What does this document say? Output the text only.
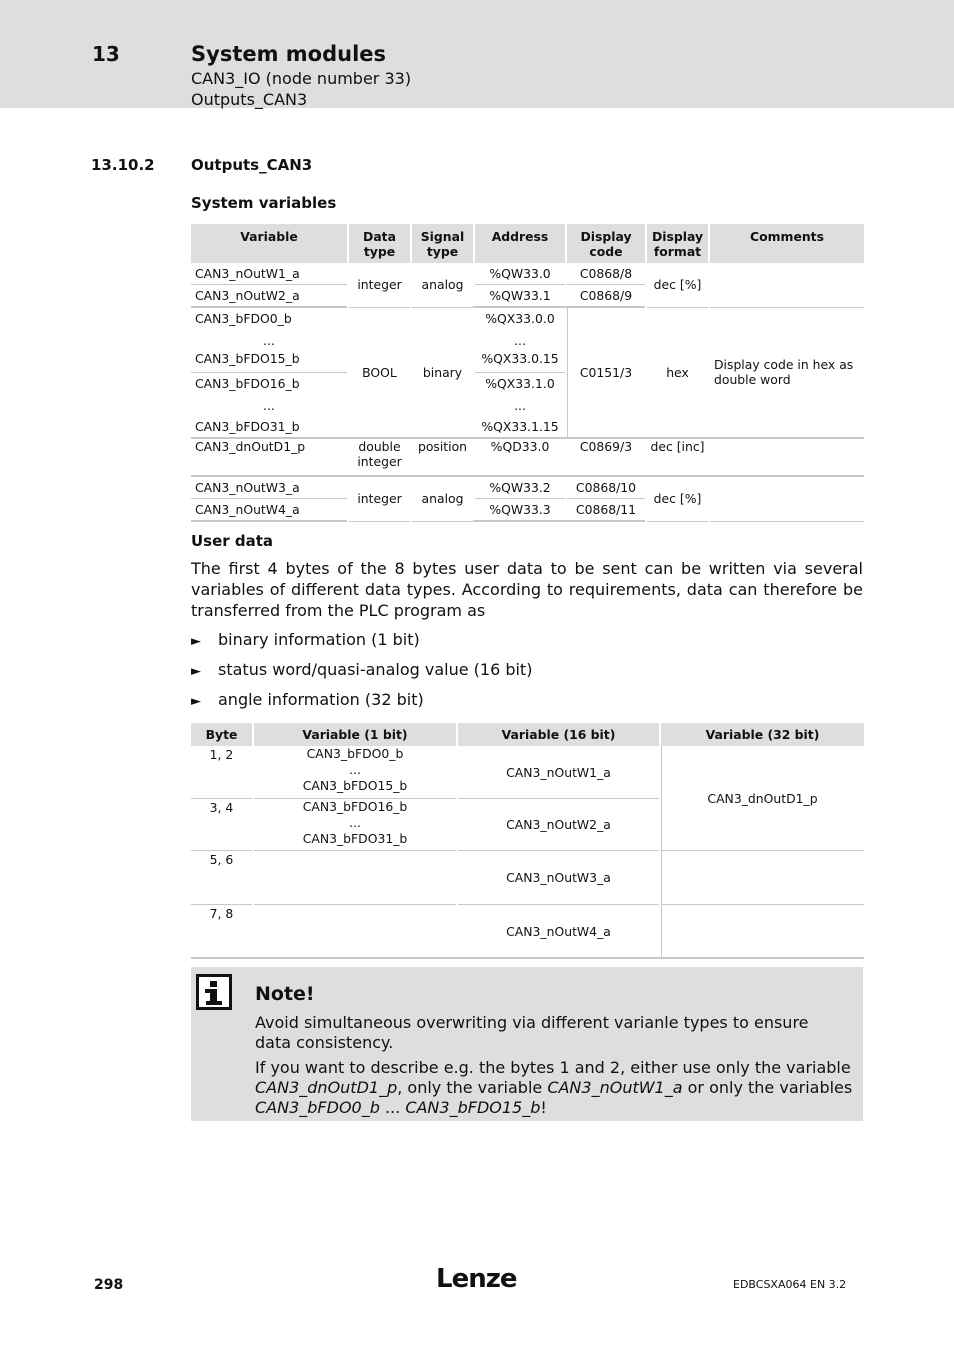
13	System modules
CAN3_IO (node number 33)
Outputs_CAN3
13.10.2 Outputs_CAN3
System variables
Variable	Data type	Signal type	Address	Display code	Display format	Comments
CAN3_nOutW1_a	integer	analog	%QW33.0	C0868/8	dec [%]	
CAN3_nOutW2_a			%QW33.1	C0868/9		
CAN3_bFDO0_b	BOOL	binary	%QX33.0.0	C0151/3	hex	Display code in hex as double word
...			...			
CAN3_bFDO15_b			%QX33.0.15			
CAN3_bFDO16_b			%QX33.1.0			
...			...			
CAN3_bFDO31_b			%QX33.1.15			
CAN3_dnOutD1_p	double integer	position	%QD33.0	C0869/3	dec [inc]	
CAN3_nOutW3_a	integer	analog	%QW33.2	C0868/10	dec [%]	
CAN3_nOutW4_a			%QW33.3	C0868/11		
User data
The first 4 bytes of the 8 bytes user data to be sent can be written via several variables of different data types. According to requirements, data can therefore be transferred from the PLC program as
► binary information (1 bit)
► status word/quasi-analog value (16 bit)
► angle information (32 bit)
Byte	Variable (1 bit)	Variable (16 bit)	Variable (32 bit)
1, 2	CAN3_bFDO0_b
...
CAN3_bFDO15_b	CAN3_nOutW1_a	CAN3_dnOutD1_p
3, 4	CAN3_bFDO16_b
...
CAN3_bFDO31_b	CAN3_nOutW2_a	
5, 6		CAN3_nOutW3_a	
7, 8		CAN3_nOutW4_a	
Note!
Avoid simultaneous overwriting via different varianle types to ensure data consistency.
If you want to describe e.g. the bytes 1 and 2, either use only the variable CAN3_dnOutD1_p, only the variable CAN3_nOutW1_a or only the variables CAN3_bFDO0_b ... CAN3_bFDO15_b!
298	Lenze	EDBCSXA064 EN 3.2
